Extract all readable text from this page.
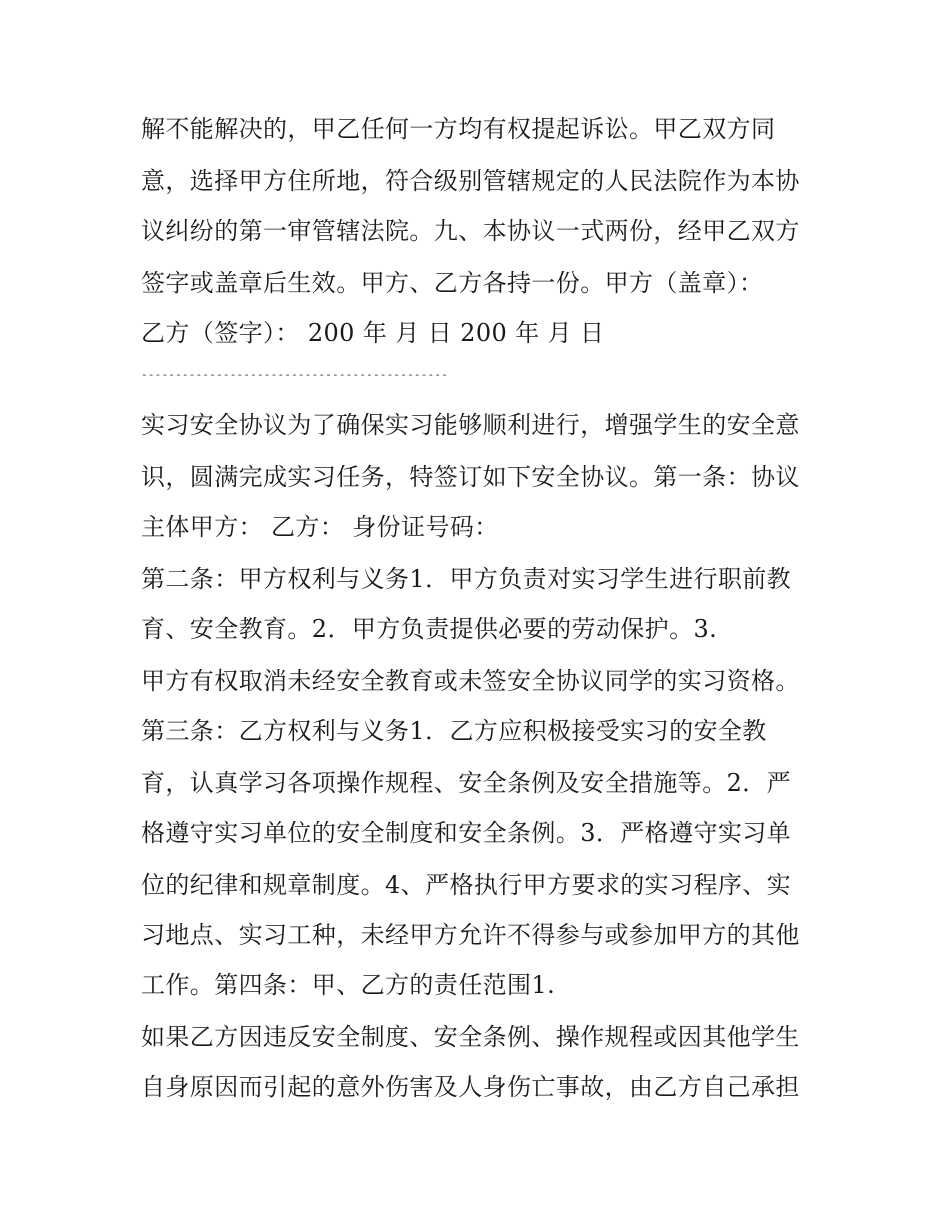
解不能解决的，甲乙任何一方均有权提起诉讼。甲乙双方同
意，选择甲方住所地，符合级别管辖规定的人民法院作为本协
议纠纷的第一审管辖法院。九、本协议一式两份，经甲乙双方
签字或盖章后生效。甲方、乙方各持一份。甲方（盖章）：
乙方（签字）： 200 年 月 日 200 年 月 日
---------------------------------------------
实习安全协议为了确保实习能够顺利进行，增强学生的安全意
识，圆满完成实习任务，特签订如下安全协议。第一条：协议
主体甲方： 乙方： 身份证号码：
第二条：甲方权利与义务1．甲方负责对实习学生进行职前教
育、安全教育。2．甲方负责提供必要的劳动保护。3.
甲方有权取消未经安全教育或未签安全协议同学的实习资格。
第三条：乙方权利与义务1．乙方应积极接受实习的安全教
育，认真学习各项操作规程、安全条例及安全措施等。2．严
格遵守实习单位的安全制度和安全条例。3．严格遵守实习单
位的纪律和规章制度。4、严格执行甲方要求的实习程序、实
习地点、实习工种，未经甲方允许不得参与或参加甲方的其他
工作。第四条：甲、乙方的责任范围1.
如果乙方因违反安全制度、安全条例、操作规程或因其他学生
自身原因而引起的意外伤害及人身伤亡事故，由乙方自己承担
